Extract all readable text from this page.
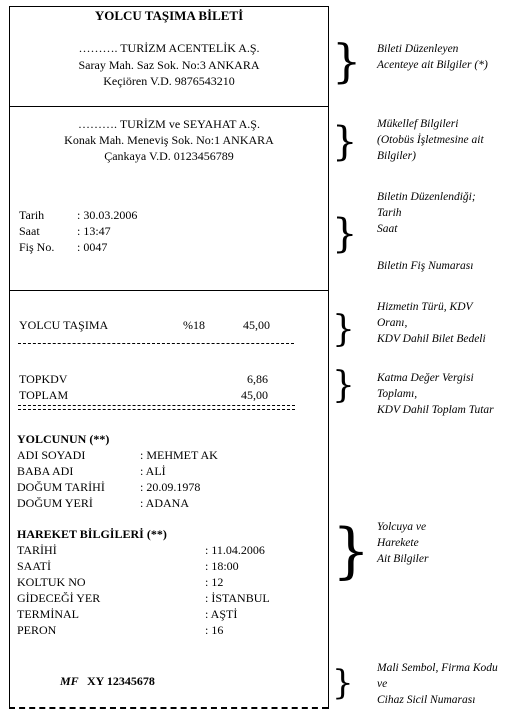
YOLCU TAŞIMA BİLETİ
………. TURİZM ACENTELİK A.Ş.
Saray Mah. Saz Sok. No:3 ANKARA
Keçiören V.D. 9876543210
………. TURİZM ve SEYAHAT A.Ş.
Konak Mah. Meneviş Sok. No:1 ANKARA
Çankaya V.D. 0123456789
Tarih	: 30.03.2006
Saat	: 13:47
Fiş No. : 0047
YOLCU TAŞIMA	%18	45,00
TOPKDV	6,86
TOPLAM	45,00
YOLCUNUN (**)
ADI SOYADI	: MEHMET AK
BABA ADI	: ALİ
DOĞUM TARİHİ	: 20.09.1978
DOĞUM YERİ	: ADANA
HAREKET BİLGİLERİ (**)
TARİHİ	: 11.04.2006
SAATİ	: 18:00
KOLTUK NO	: 12
GİDECEĞİ YER	: İSTANBUL
TERMİNAL	: AŞTİ
PERON	: 16
MF XY 12345678
}
}
}
}
}
}
}
Bileti Düzenleyen
Acenteye ait Bilgiler (*)
Mükellef Bilgileri
(Otobüs İşletmesine ait
Bilgiler)
Biletin Düzenlendiği;
Tarih
Saat
Biletin Fiş Numarası
Hizmetin Türü, KDV
Oranı,
KDV Dahil Bilet Bedeli
Katma Değer Vergisi
Toplamı,
KDV Dahil Toplam Tutar
Yolcuya ve
Harekete
Ait Bilgiler
Mali Sembol, Firma Kodu
ve
Cihaz Sicil Numarası
